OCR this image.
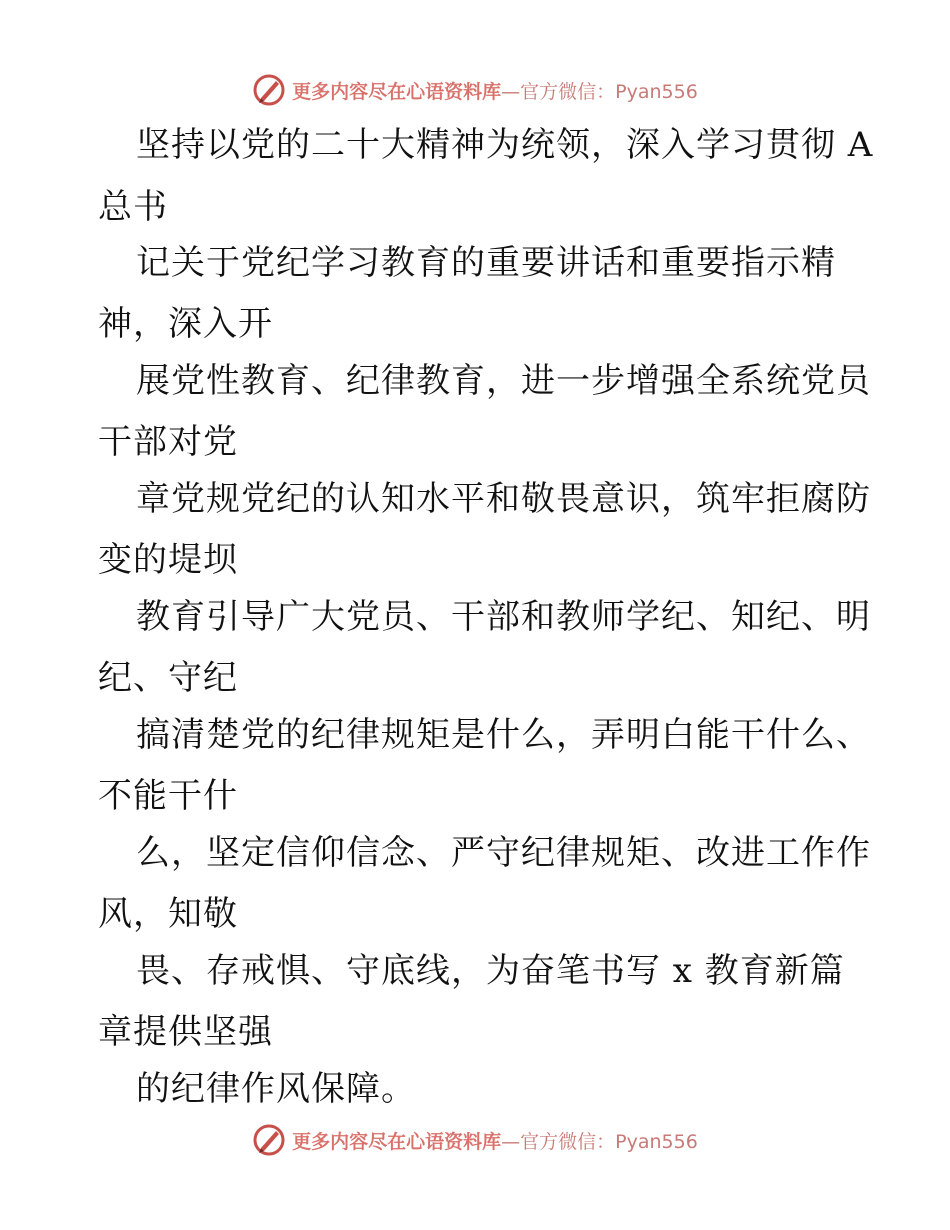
更多内容尽在心语资料库—官方微信：Pyan556
坚持以党的二十大精神为统领，深入学习贯彻 A
总书
记关于党纪学习教育的重要讲话和重要指示精
神，深入开
展党性教育、纪律教育，进一步增强全系统党员
干部对党
章党规党纪的认知水平和敬畏意识，筑牢拒腐防
变的堤坝
教育引导广大党员、干部和教师学纪、知纪、明
纪、守纪
搞清楚党的纪律规矩是什么，弄明白能干什么、
不能干什
么，坚定信仰信念、严守纪律规矩、改进工作作
风，知敬
畏、存戒惧、守底线，为奋笔书写 x 教育新篇
章提供坚强
的纪律作风保障。
更多内容尽在心语资料库—官方微信：Pyan556
